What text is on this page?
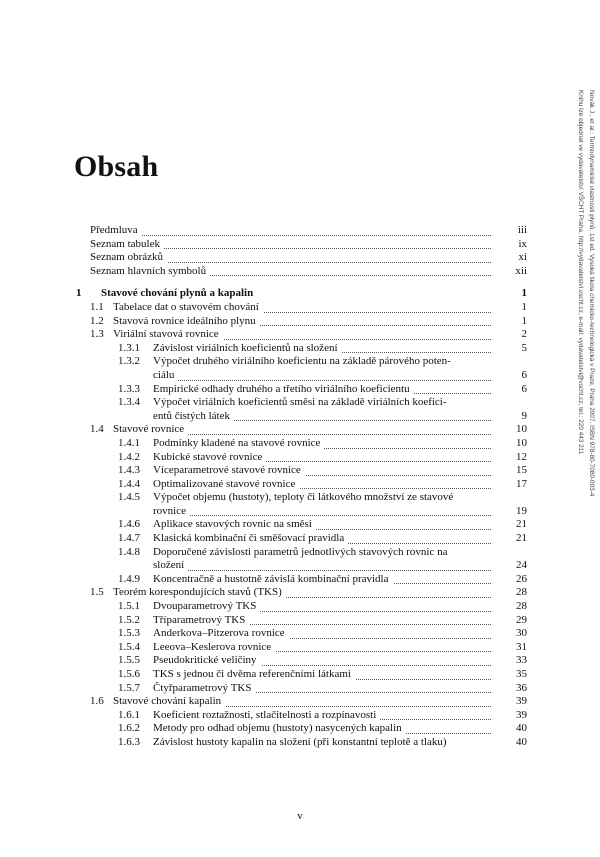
Novák J., et al.: Termodynamické vlastnosti plynů. 1st ed. Vysoká škola chemicko-technologická v Praze, Praha 2007. ISBN 978-80-7080-003-4
Knihu lze objednat ve vydavatelství VŠCHT Praha, http://vydavatelstvi.vscht.cz, e-mail: vydavatelstvi@vscht.cz, tel.: 220 443 211
Obsah
Předmluva	iii
Seznam tabulek	ix
Seznam obrázků	xi
Seznam hlavních symbolů	xii
1	Stavové chování plynů a kapalin	1
1.1 Tabelace dat o stavovém chování	1
1.2 Stavová rovnice ideálního plynu	1
1.3 Viriální stavová rovnice	2
1.3.1	Závislost viriálních koeficientů na složení	5
1.3.2	Výpočet druhého viriálního koeficientu na základě párového poten-
ciálu	6
1.3.3	Empirické odhady druhého a třetího viriálního koeficientu	6
1.3.4	Výpočet viriálních koeficientů směsi na základě viriálních koefici-
entů čistých látek	9
1.4 Stavové rovnice	10
1.4.1	Podmínky kladené na stavové rovnice	10
1.4.2	Kubické stavové rovnice	12
1.4.3	Víceparametrové stavové rovnice	15
1.4.4	Optimalizované stavové rovnice	17
1.4.5	Výpočet objemu (hustoty), teploty či látkového množství ze stavové
rovnice	19
1.4.6	Aplikace stavových rovnic na směsi	21
1.4.7	Klasická kombinační či směšovací pravidla	21
1.4.8	Doporučené závislosti parametrů jednotlivých stavových rovnic na
složení	24
1.4.9	Koncentračně a hustotně závislá kombinační pravidla	26
1.5 Teorém korespondujících stavů (TKS)	28
1.5.1	Dvouparametrový TKS	28
1.5.2	Tříparametrový TKS	29
1.5.3	Anderkova–Pitzerova rovnice	30
1.5.4	Leeova–Keslerova rovnice	31
1.5.5	Pseudokritické veličiny	33
1.5.6	TKS s jednou či dvěma referenčními látkami	35
1.5.7	Čtyřparametrový TKS	36
1.6 Stavové chování kapalin	39
1.6.1	Koeficient roztažnosti, stlačitelnosti a rozpínavosti	39
1.6.2	Metody pro odhad objemu (hustoty) nasycených kapalin	40
1.6.3	Závislost hustoty kapalin na složení (při konstantní teplotě a tlaku)	40
v
